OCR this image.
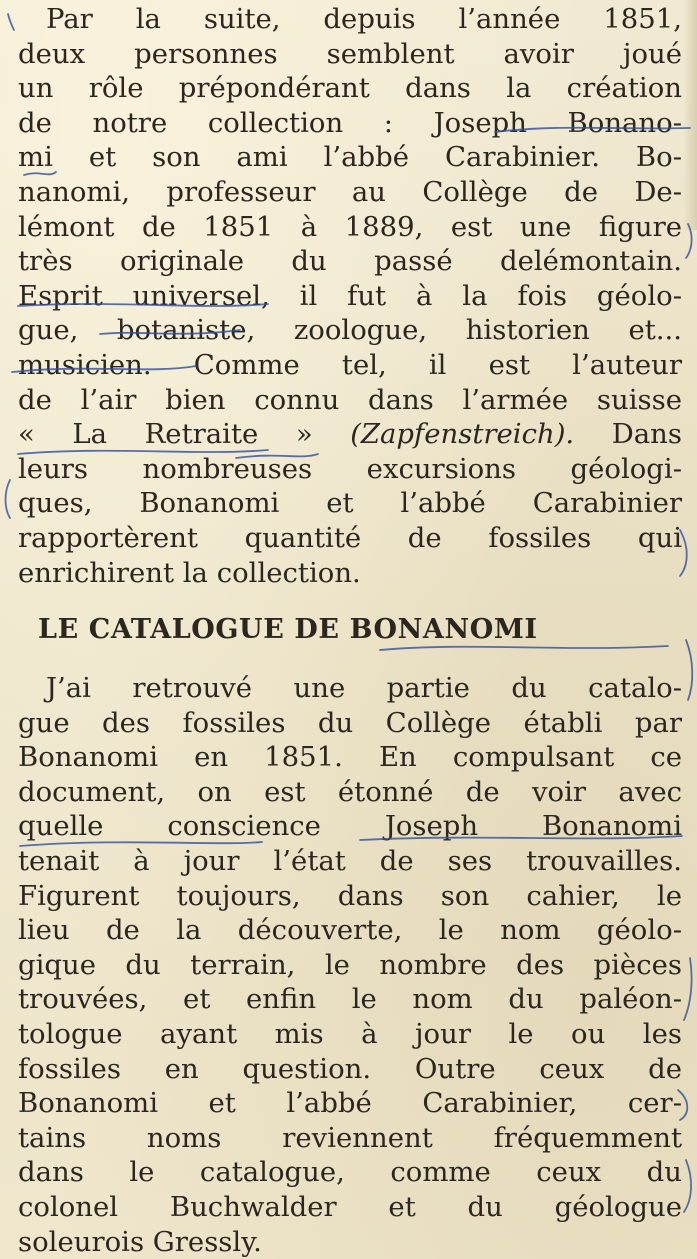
Par la suite, depuis l’année 1851,
deux personnes semblent avoir joué
un rôle prépondérant dans la création
de notre collection : Joseph Bonano-
mi et son ami l’abbé Carabinier. Bo-
nanomi, professeur au Collège de De-
lémont de 1851 à 1889, est une figure
très originale du passé delémontain.
Esprit universel, il fut à la fois géolo-
gue, botaniste, zoologue, historien et...
musicien. Comme tel, il est l’auteur
de l’air bien connu dans l’armée suisse
« La Retraite » (Zapfenstreich). Dans
leurs nombreuses excursions géologi-
ques, Bonanomi et l’abbé Carabinier
rapportèrent quantité de fossiles qui
enrichirent la collection.
LE CATALOGUE DE BONANOMI
J’ai retrouvé une partie du catalo-
gue des fossiles du Collège établi par
Bonanomi en 1851. En compulsant ce
document, on est étonné de voir avec
quelle conscience Joseph Bonanomi
tenait à jour l’état de ses trouvailles.
Figurent toujours, dans son cahier, le
lieu de la découverte, le nom géolo-
gique du terrain, le nombre des pièces
trouvées, et enfin le nom du paléon-
tologue ayant mis à jour le ou les
fossiles en question. Outre ceux de
Bonanomi et l’abbé Carabinier, cer-
tains noms reviennent fréquemment
dans le catalogue, comme ceux du
colonel Buchwalder et du géologue
soleurois Gressly.
